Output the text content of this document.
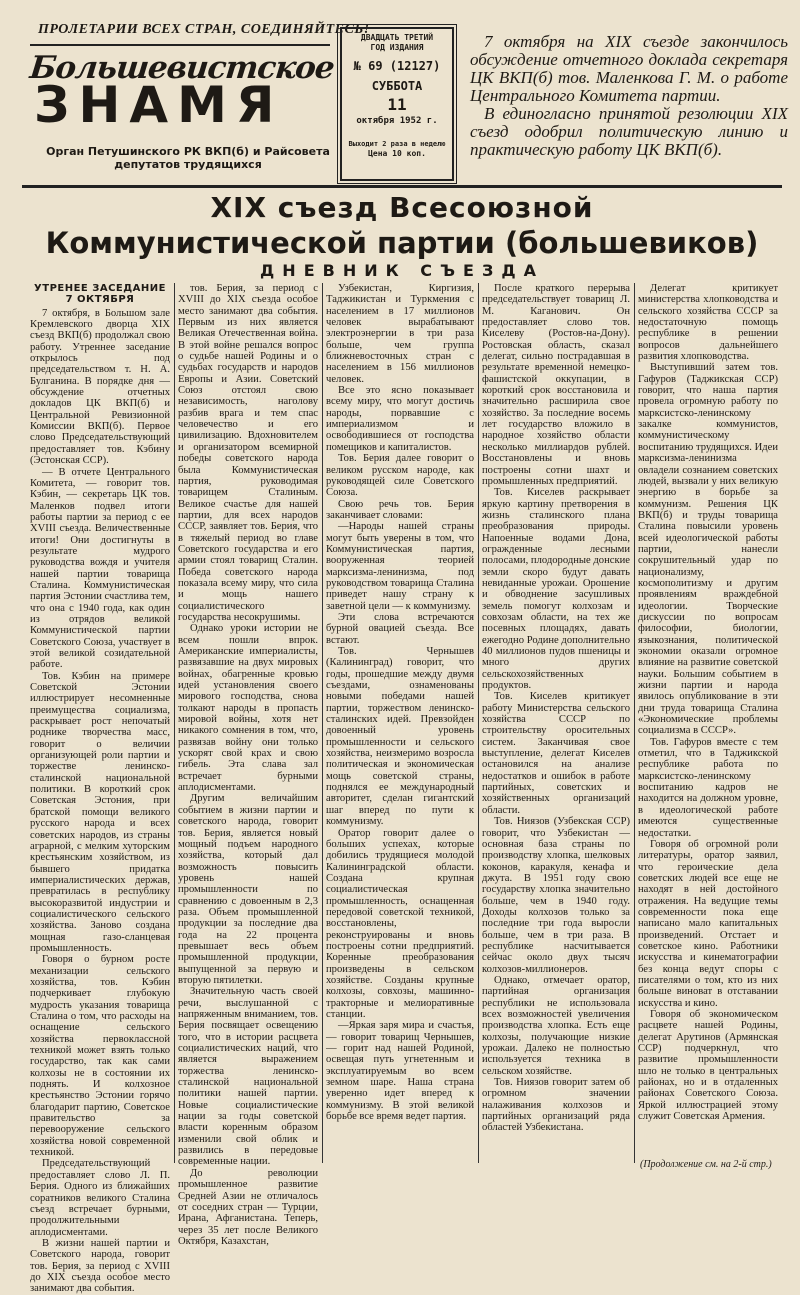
ПРОЛЕТАРИИ ВСЕХ СТРАН, СОЕДИНЯЙТЕСЬ!
Большевистское
ЗНАМЯ
Орган Петушинского РК ВКП(б) и Райсовета
депутатов трудящихся
ДВАДЦАТЬ ТРЕТИЙ
ГОД ИЗДАНИЯ
№ 69 (12127)
СУББОТА
11
октября 1952 г.
Выходит 2 раза в неделю
Цена 10 коп.

7 октября на XIX съезде закончилось обсуждение отчетного доклада секретаря ЦК ВКП(б) тов. Маленкова Г. М. о работе Центрального Комитета партии.

В единогласно принятой резолюции XIX съезд одобрил политическую линию и практическую работу ЦК ВКП(б).

XIX съезд Всесоюзной
Коммунистической партии (большевиков)
ДНЕВНИК СЪЕЗДА

УТРЕНЕЕ ЗАСЕДАНИЕ 7 ОКТЯБРЯ

7 октября, в Большом зале Кремлевского дворца XIX съезд ВКП(б) продолжал свою работу. Утреннее заседание открылось под председательством т. Н. А. Булганина. В порядке дня — обсуждение отчетных докладов ЦК ВКП(б) и Центральной Ревизионной Комиссии ВКП(б). Первое слово Председательствующий предоставляет тов. Кэбину (Эстонская ССР).

— В отчете Центрального Комитета, — говорит тов. Кэбин, — секретарь ЦК тов. Маленков подвел итоги работы партии за период с ее XVIII съезда. Величественные итоги! Они достигнуты в результате мудрого руководства вождя и учителя нашей партии товарища Сталина. Коммунистическая партия Эстонии счастлива тем, что она с 1940 года, как один из отрядов великой Коммунистической партии Советского Союза, участвует в этой великой созидательной работе.

Тов. Кэбин на примере Советской Эстонии иллюстрирует несомненные преимущества социализма, раскрывает рост непочатый роднике творчества масс, говорит о величии организующей роли партии и торжестве ленинско-сталинской национальной политики. В короткий срок Советская Эстония, при братской помощи великого русского народа и всех советских народов, из страны аграрной, с мелким хуторским крестьянским хозяйством, из бывшего придатка империалистических держав, превратилась в республику высокоразвитой индустрии и социалистического сельского хозяйства. Заново создана мощная газо-сланцевая промышленность.

Говоря о бурном росте механизации сельского хозяйства, тов. Кэбин подчеркивает глубокую мудрость указания товарища Сталина о том, что расходы на оснащение сельского хозяйства первоклассной техникой может взять только государство, так как сами колхозы не в состоянии их поднять. И колхозное крестьянство Эстонии горячо благодарит партию, Советское правительство за перевооружение сельского хозяйства новой современной техникой.

Председательствующий предоставляет слово Л. П. Берия. Одного из ближайших соратников великого Сталина съезд встречает бурными, продолжительными аплодисментами.

В жизни нашей партии и Советского народа, говорит тов. Берия, за период с XVIII до XIX съезда особое место занимают два события.

тов. Берия, за период с XVIII до XIX съезда особое место занимают два события. Первым из них является Великая Отечественная война. В этой войне решался вопрос о судьбе нашей Родины и о судьбах государств и народов Европы и Азии. Советский Союз отстоял свою независимость, наголову разбив врага и тем спас человечество и его цивилизацию. Вдохновителем и организатором всемирной победы советского народа была Коммунистическая партия, руководимая товарищем Сталиным. Великое счастье для нашей партии, для всех народов СССР, заявляет тов. Берия, что в тяжелый период во главе Советского государства и его армии стоял товарищ Сталин. Победа советского народа показала всему миру, что сила и мощь нашего социалистического государства несокрушимы.

Однако уроки истории не всем пошли впрок. Американские империалисты, развязавшие на двух мировых войнах, обагренные кровью идей установления своего мирового господства, снова толкают народы в пропасть мировой войны, хотя нет никакого сомнения в том, что, развязав войну они только ускорят свой крах и свою гибель. Эта слава зал встречает бурными аплодисментами.

Другим величайшим событием в жизни партии и советского народа, говорит тов. Берия, является новый мощный подъем народного хозяйства, который дал возможность повысить уровень нашей промышленности по сравнению с довоенным в 2,3 раза. Объем промышленной продукции за последние два года на 22 процента превышает весь объем промышленной продукции, выпущенной за первую и вторую пятилетки.

Значительную часть своей речи, выслушанной с напряженным вниманием, тов. Берия посвящает освещению того, что в истории расцвета социалистических наций, что является выражением торжества ленинско-сталинской национальной политики нашей партии. Новые социалистические нации за годы советской власти коренным образом изменили свой облик и развились в передовые современные нации.

До революции промышленное развитие Средней Азии не отличалось от соседних стран — Турции, Ирана, Афганистана. Теперь, через 35 лет после Великого Октября, Казахстан,

Узбекистан, Киргизия, Таджикистан и Туркмения с населением в 17 миллионов человек вырабатывают электроэнергии в три раза больше, чем группа ближневосточных стран с населением в 156 миллионов человек.

Все это ясно показывает всему миру, что могут достичь народы, порвавшие с империализмом и освободившиеся от господства помещиков и капиталистов.

Тов. Берия далее говорит о великом русском народе, как руководящей силе Советского Союза.

Свою речь тов. Берия заканчивает словами:

—Народы нашей страны могут быть уверены в том, что Коммунистическая партия, вооруженная теорией марксизма-ленинизма, под руководством товарища Сталина приведет нашу страну к заветной цели — к коммунизму.

Эти слова встречаются бурной овацией съезда. Все встают.

Тов. Чернышев (Калининград) говорит, что годы, прошедшие между двумя съездами, ознаменованы новыми победами нашей партии, торжеством ленинско-сталинских идей. Превзойден довоенный уровень промышленности и сельского хозяйства, неизмеримо возросла политическая и экономическая мощь советской страны, поднялся ее международный авторитет, сделан гигантский шаг вперед по пути к коммунизму.

Оратор говорит далее о больших успехах, которые добились трудящиеся молодой Калининградской области. Создана крупная социалистическая промышленность, оснащенная передовой советской техникой, восстановлены, реконструированы и вновь построены сотни предприятий. Коренные преобразования произведены в сельском хозяйстве. Созданы крупные колхозы, совхозы, машинно-тракторные и мелиоративные станции.

—Яркая заря мира и счастья, — говорит товарищ Чернышев, — горит над нашей Родиной, освещая путь угнетенным и эксплуатируемым во всем земном шаре. Наша страна уверенно идет вперед к коммунизму. В этой великой борьбе все время ведет партия.

После краткого перерыва председательствует товарищ Л. М. Каганович. Он предоставляет слово тов. Киселеву (Ростов-на-Дону). Ростовская область, сказал делегат, сильно пострадавшая в результате временной немецко-фашистской оккупации, в короткий срок восстановила и значительно расширила свое хозяйство. За последние восемь лет государство вложило в народное хозяйство области несколько миллиардов рублей. Восстановлены и вновь построены сотни шахт и промышленных предприятий.

Тов. Киселев раскрывает яркую картину претворения в жизнь сталинского плана преобразования природы. Напоенные водами Дона, огражденные лесными полосами, плодородные донские земли скоро будут давать невиданные урожаи. Орошение и обводнение засушливых земель помогут колхозам и совхозам области, на тех же посевных площадях, давать ежегодно Родине дополнительно 40 миллионов пудов пшеницы и много других сельскохозяйственных продуктов.

Тов. Киселев критикует работу Министерства сельского хозяйства СССР по строительству оросительных систем. Заканчивая свое выступление, делегат Киселев остановился на анализе недостатков и ошибок в работе партийных, советских и хозяйственных организаций области.

Тов. Ниязов (Узбекская ССР) говорит, что Узбекистан — основная база страны по производству хлопка, шелковых коконов, каракуля, кенафа и джута. В 1951 году свою государству хлопка значительно больше, чем в 1940 году. Доходы колхозов только за последние три года выросли больше, чем в три раза. В республике насчитывается сейчас около двух тысяч колхозов-миллионеров.

Однако, отмечает оратор, партийная организация республики не использовала всех возможностей увеличения производства хлопка. Есть еще колхозы, получающие низкие урожаи. Далеко не полностью используется техника в сельском хозяйстве.

Тов. Ниязов говорит затем об огромном значении налаживания колхозов и партийных организаций ряда областей Узбекистана.

Делегат критикует министерства хлопководства и сельского хозяйства СССР за недостаточную помощь республике в решении вопросов дальнейшего развития хлопководства.

Выступивший затем тов. Гафуров (Таджикская ССР) говорит, что наша партия провела огромную работу по марксистско-ленинскому закалке коммунистов, коммунистическому воспитанию трудящихся. Идеи марксизма-ленинизма овладели сознанием советских людей, вызвали у них великую энергию в борьбе за коммунизм. Решения ЦК ВКП(б) и труды товарища Сталина повысили уровень всей идеологической работы партии, нанесли сокрушительный удар по национализму, космополитизму и другим проявлениям враждебной идеологии. Творческие дискуссии по вопросам философии, биологии, языкознания, политической экономии оказали огромное влияние на развитие советской науки. Большим событием в жизни партии и народа явилось опубликование в эти дни труда товарища Сталина «Экономические проблемы социализма в СССР».

Тов. Гафуров вместе с тем отметил, что в Таджикской республике работа по марксистско-ленинскому воспитанию кадров не находится на должном уровне, в идеологической работе имеются существенные недостатки.

Говоря об огромной роли литературы, оратор заявил, что героические дела советских людей все еще не находят в ней достойного отражения. На ведущие темы современности пока еще написано мало капитальных произведений. Отстает и советское кино. Работники искусства и кинематографии без конца ведут споры с писателями о том, кто из них больше виноват в отставании искусства и кино.

Говоря об экономическом расцвете нашей Родины, делегат Арутинов (Армянская ССР) подчеркнул, что развитие промышленности шло не только в центральных районах, но и в отдаленных районах Советского Союза. Яркой иллюстрацией этому служит Советская Армения.

(Продолжение см. на 2-й стр.)
